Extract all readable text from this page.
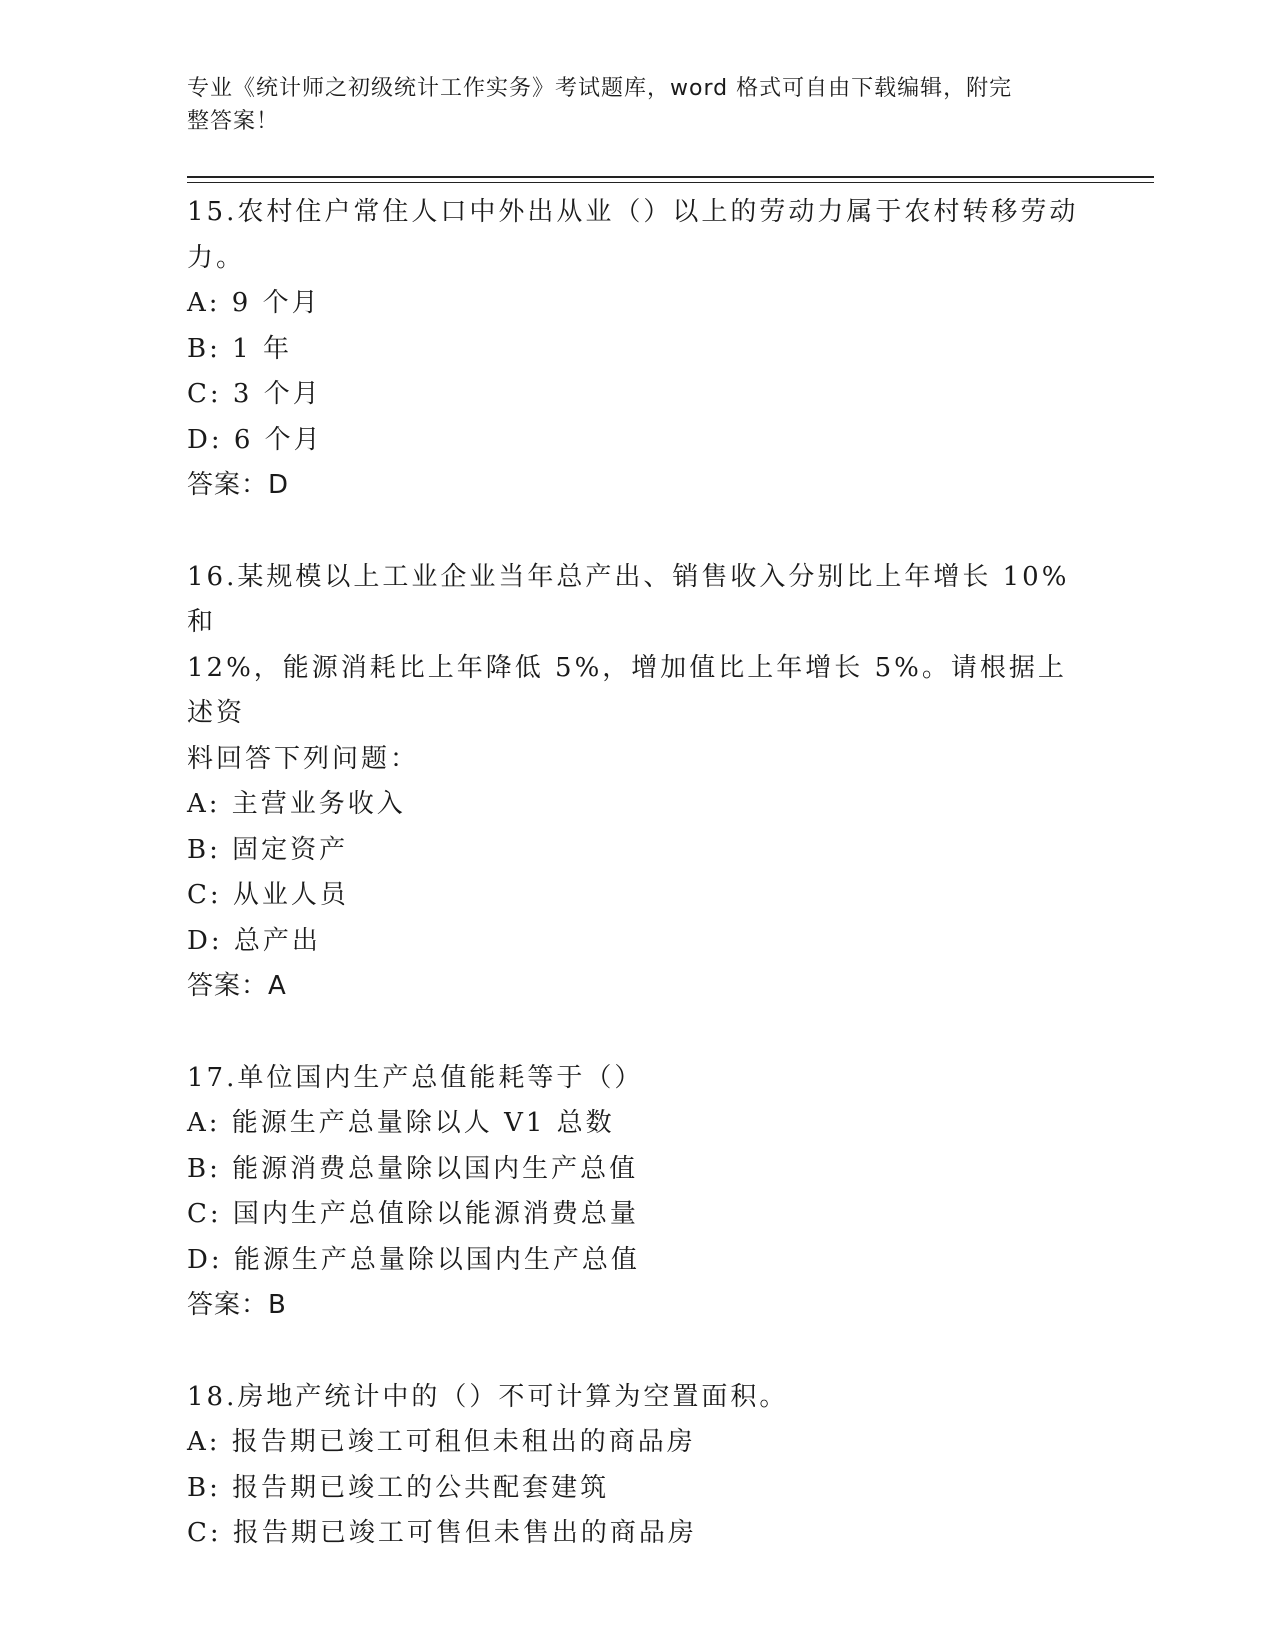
专业《统计师之初级统计工作实务》考试题库，word 格式可自由下载编辑，附完
整答案！
15.农村住户常住人口中外出从业（）以上的劳动力属于农村转移劳动
力。
A: 9 个月
B: 1 年
C: 3 个月
D: 6 个月
答案：D
16.某规模以上工业企业当年总产出、销售收入分别比上年增长 10%和
12%，能源消耗比上年降低 5%，增加值比上年增长 5%。请根据上述资
料回答下列问题：
A: 主营业务收入
B: 固定资产
C: 从业人员
D: 总产出
答案：A
17.单位国内生产总值能耗等于（）
A: 能源生产总量除以人 V1 总数
B: 能源消费总量除以国内生产总值
C: 国内生产总值除以能源消费总量
D: 能源生产总量除以国内生产总值
答案：B
18.房地产统计中的（）不可计算为空置面积。
A: 报告期已竣工可租但未租出的商品房
B: 报告期已竣工的公共配套建筑
C: 报告期已竣工可售但未售出的商品房
